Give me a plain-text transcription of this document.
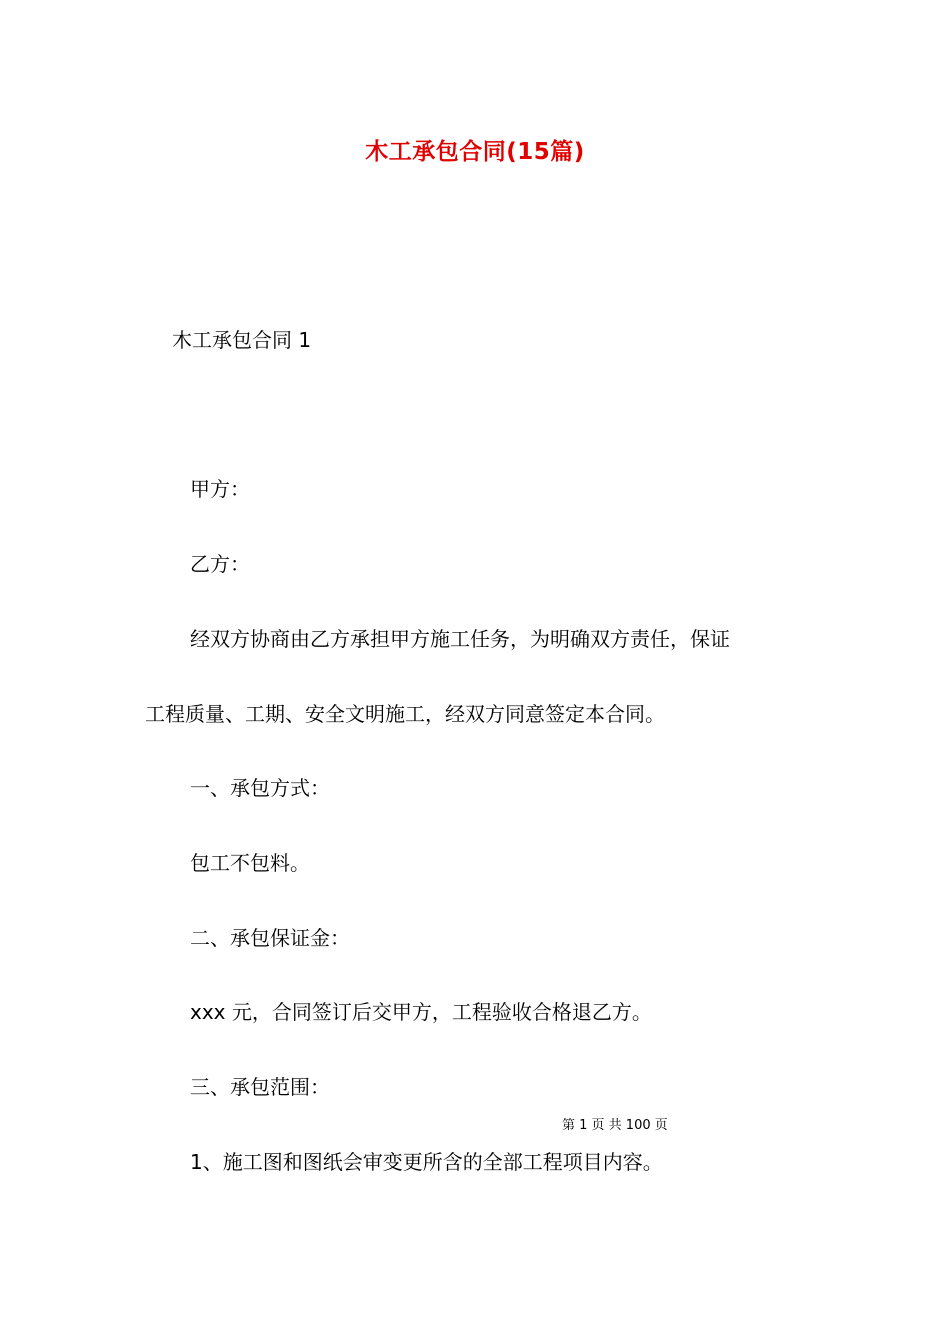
木工承包合同(15篇)
木工承包合同 1
甲方：
乙方：
经双方协商由乙方承担甲方施工任务，为明确双方责任，保证
工程质量、工期、安全文明施工，经双方同意签定本合同。
一、承包方式：
包工不包料。
二、承包保证金：
xxx 元，合同签订后交甲方，工程验收合格退乙方。
三、承包范围：
第 1 页 共 100 页
1、施工图和图纸会审变更所含的全部工程项目内容。
